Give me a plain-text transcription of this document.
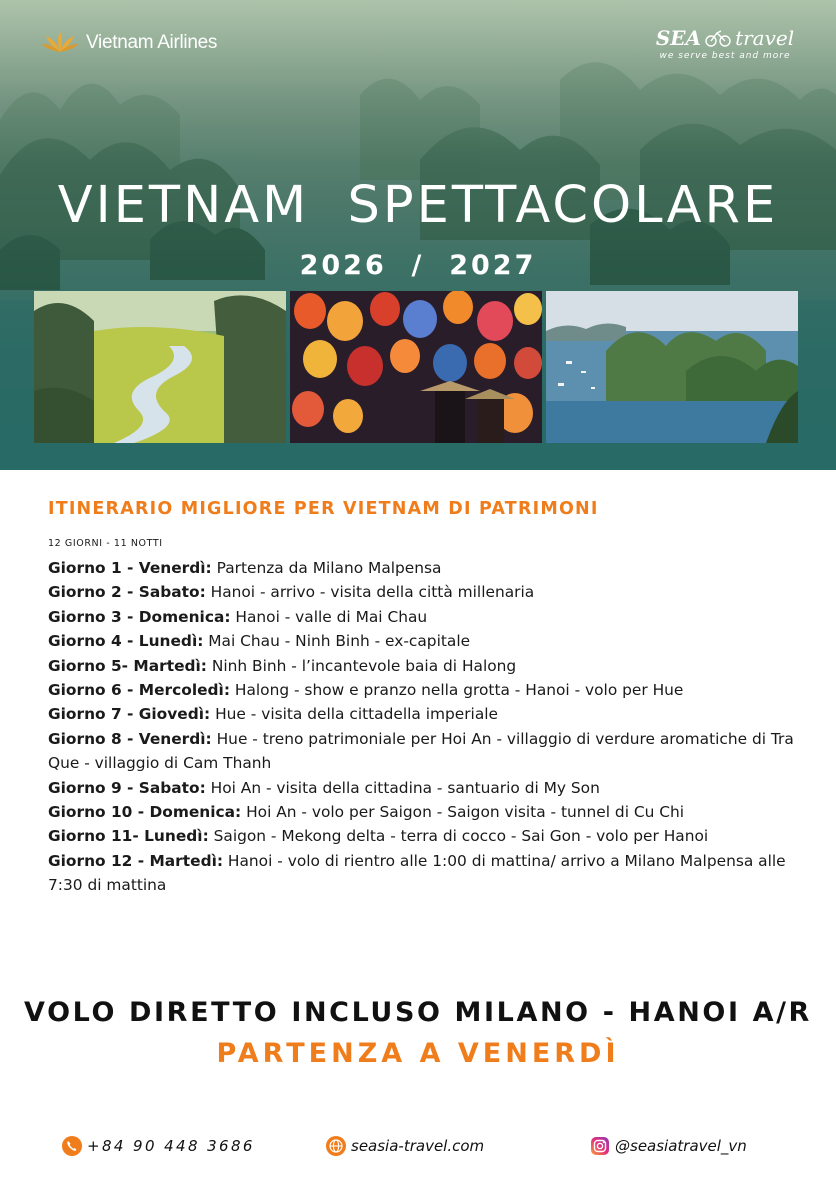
Vietnam Airlines	SEA travel
we serve best and more
VIETNAM  SPETTACOLARE
2026  /  2027
ITINERARIO MIGLIORE PER VIETNAM DI PATRIMONI
12 GIORNI - 11 NOTTI
Giorno 1 - Venerdì: Partenza da Milano Malpensa
Giorno 2 - Sabato: Hanoi - arrivo - visita della città millenaria
Giorno 3 - Domenica: Hanoi - valle di Mai Chau
Giorno 4 - Lunedì: Mai Chau - Ninh Binh - ex-capitale
Giorno 5- Martedì: Ninh Binh - l’incantevole baia di Halong
Giorno 6 - Mercoledì: Halong - show e pranzo nella grotta - Hanoi - volo per Hue
Giorno 7 - Giovedì: Hue - visita della cittadella imperiale
Giorno 8 - Venerdì: Hue - treno patrimoniale per Hoi An - villaggio di verdure aromatiche di Tra Que - villaggio di Cam Thanh
Giorno 9 - Sabato: Hoi An - visita della cittadina - santuario di My Son
Giorno 10 - Domenica: Hoi An - volo per Saigon - Saigon visita - tunnel di Cu Chi
Giorno 11- Lunedì: Saigon - Mekong delta - terra di cocco - Sai Gon - volo per Hanoi
Giorno 12 - Martedì: Hanoi - volo di rientro alle 1:00 di mattina/ arrivo a Milano Malpensa alle 7:30 di mattina
VOLO DIRETTO INCLUSO MILANO - HANOI A/R
PARTENZA A VENERDÌ
+84 90 448 3686	seasia-travel.com	@seasiatravel_vn
